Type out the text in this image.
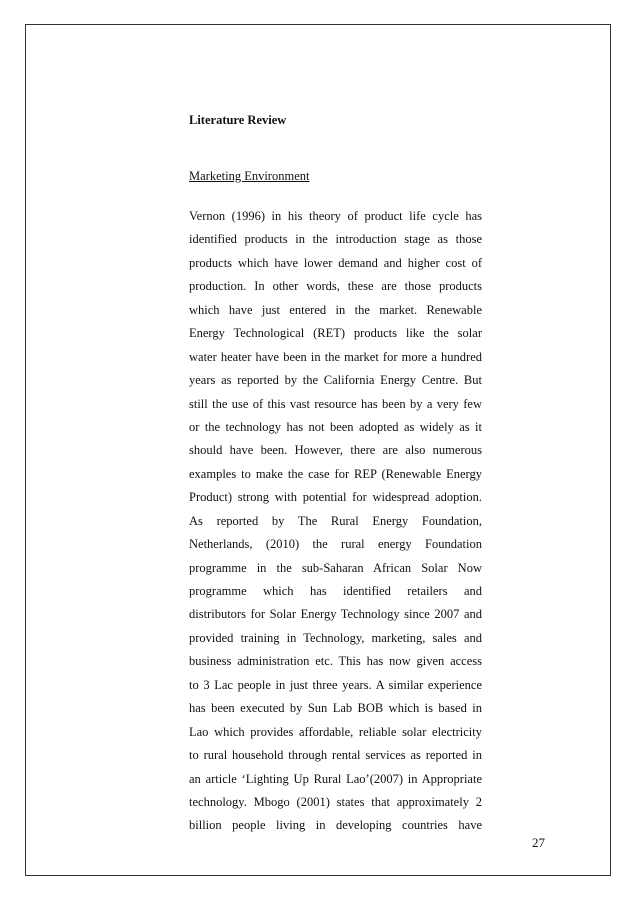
Literature Review
Marketing Environment
Vernon (1996) in his theory of product life cycle has
identified products in the introduction stage as those
products which have lower demand and higher cost of
production. In other words, these are those products
which have just entered in the market. Renewable
Energy Technological (RET) products like the solar
water heater have been in the market for more a hundred
years as reported by the California Energy Centre. But
still the use of this vast resource has been by a very few
or the technology has not been adopted as widely as it
should have been. However, there are also numerous
examples to make the case for REP (Renewable Energy
Product) strong with potential for widespread adoption.
As reported by The Rural Energy Foundation,
Netherlands, (2010) the rural energy Foundation
programme in the sub-Saharan African Solar Now
programme which has identified retailers and
distributors for Solar Energy Technology since 2007 and
provided training in Technology, marketing, sales and
business administration etc. This has now given access
to 3 Lac people in just three years. A similar experience
has been executed by Sun Lab BOB which is based in
Lao which provides affordable, reliable solar electricity
to rural household through rental services as reported in
an article ‘Lighting Up Rural Lao’(2007) in Appropriate
technology. Mbogo (2001) states that approximately 2
billion people living in developing countries have
27
